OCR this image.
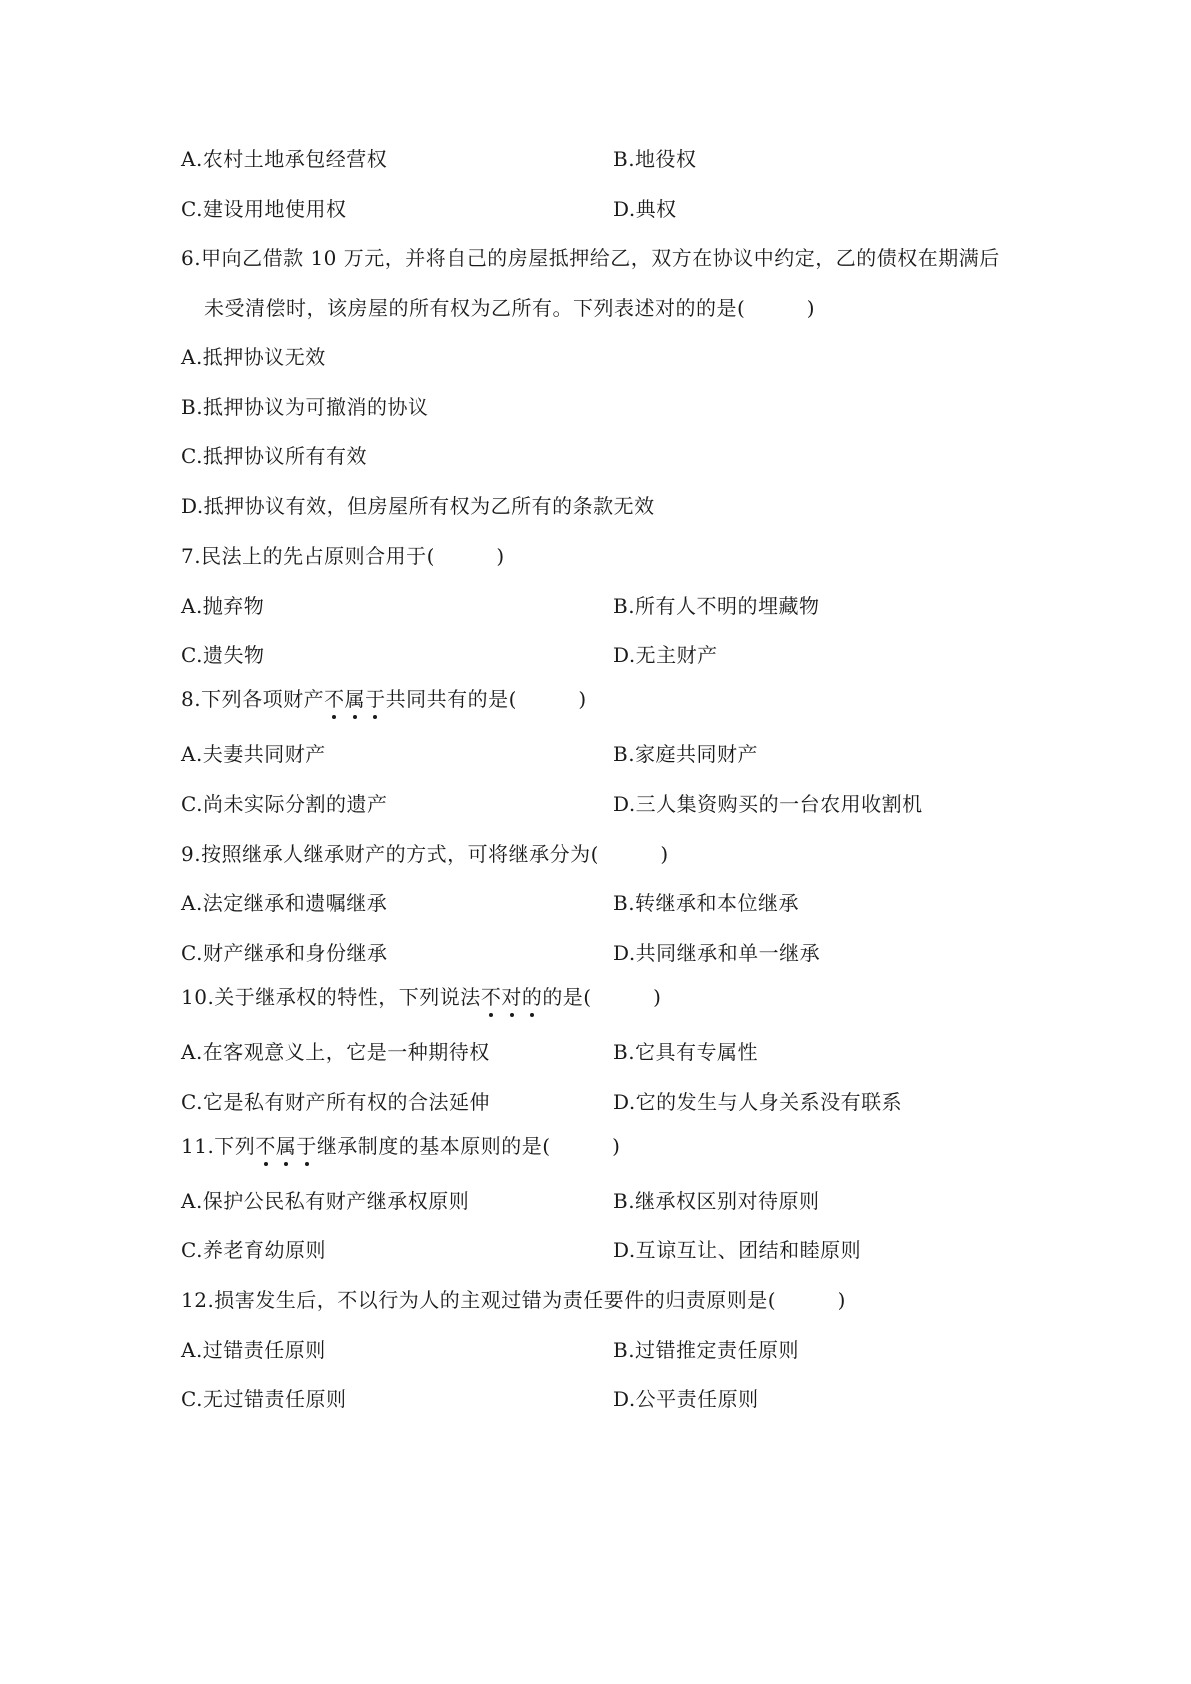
A.农村土地承包经营权	B.地役权
C.建设用地使用权	D.典权
6.甲向乙借款 10 万元，并将自己的房屋抵押给乙，双方在协议中约定，乙的债权在期满后
未受清偿时，该房屋的所有权为乙所有。下列表述对的的是(　　　)
A.抵押协议无效
B.抵押协议为可撤消的协议
C.抵押协议所有有效
D.抵押协议有效，但房屋所有权为乙所有的条款无效
7.民法上的先占原则合用于(　　　)
A.抛弃物	B.所有人不明的埋藏物
C.遗失物	D.无主财产
8.下列各项财产不属于共同共有的是(　　　)
A.夫妻共同财产	B.家庭共同财产
C.尚未实际分割的遗产	D.三人集资购买的一台农用收割机
9.按照继承人继承财产的方式，可将继承分为(　　　)
A.法定继承和遗嘱继承	B.转继承和本位继承
C.财产继承和身份继承	D.共同继承和单一继承
10.关于继承权的特性，下列说法不对的的是(　　　)
A.在客观意义上，它是一种期待权	B.它具有专属性
C.它是私有财产所有权的合法延伸	D.它的发生与人身关系没有联系
11.下列不属于继承制度的基本原则的是(　　　)
A.保护公民私有财产继承权原则	B.继承权区别对待原则
C.养老育幼原则	D.互谅互让、团结和睦原则
12.损害发生后，不以行为人的主观过错为责任要件的归责原则是(　　　)
A.过错责任原则	B.过错推定责任原则
C.无过错责任原则	D.公平责任原则
